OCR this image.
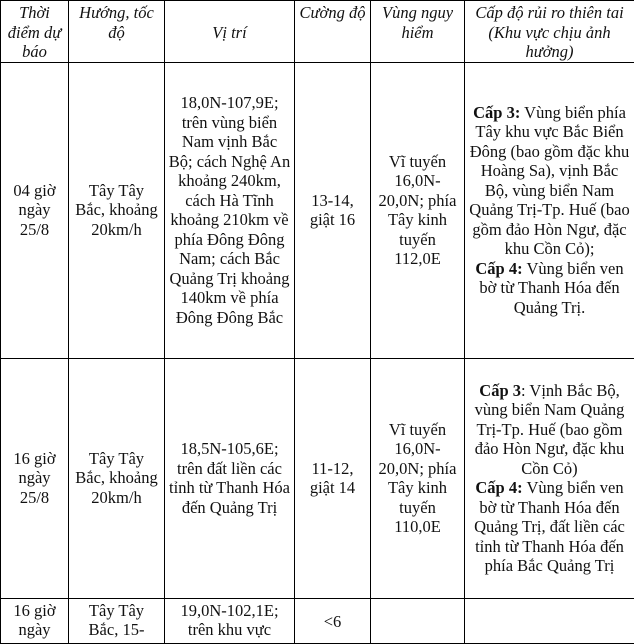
Thời điểm dự báo	Hướng, tốc độ	Vị trí	Cường độ	Vùng nguy hiểm	Cấp độ rủi ro thiên tai (Khu vực chịu ảnh hưởng)
04 giờ ngày 25/8	Tây Tây Bắc, khoảng 20km/h	18,0N-107,9E; trên vùng biển Nam vịnh Bắc Bộ; cách Nghệ An khoảng 240km, cách Hà Tĩnh khoảng 210km về phía Đông Đông Nam; cách Bắc Quảng Trị khoảng 140km về phía Đông Đông Bắc	13-14, giật 16	Vĩ tuyến 16,0N-20,0N; phía Tây kinh tuyến 112,0E	Cấp 3: Vùng biển phía Tây khu vực Bắc Biển Đông (bao gồm đặc khu Hoàng Sa), vịnh Bắc Bộ, vùng biển Nam Quảng Trị-Tp. Huế (bao gồm đảo Hòn Ngư, đặc khu Cồn Cỏ);
Cấp 4: Vùng biển ven bờ từ Thanh Hóa đến Quảng Trị.

16 giờ ngày 25/8	Tây Tây Bắc, khoảng 20km/h	18,5N-105,6E; trên đất liền các tỉnh từ Thanh Hóa đến Quảng Trị	11-12, giật 14	Vĩ tuyến 16,0N-20,0N; phía Tây kinh tuyến 110,0E	Cấp 3: Vịnh Bắc Bộ, vùng biển Nam Quảng Trị-Tp. Huế (bao gồm đảo Hòn Ngư, đặc khu Cồn Cỏ)
Cấp 4: Vùng biển ven bờ từ Thanh Hóa đến Quảng Trị, đất liền các tỉnh từ Thanh Hóa đến phía Bắc Quảng Trị

16 giờ ngày	Tây Tây Bắc, 15-	19,0N-102,1E; trên khu vực	<6		
